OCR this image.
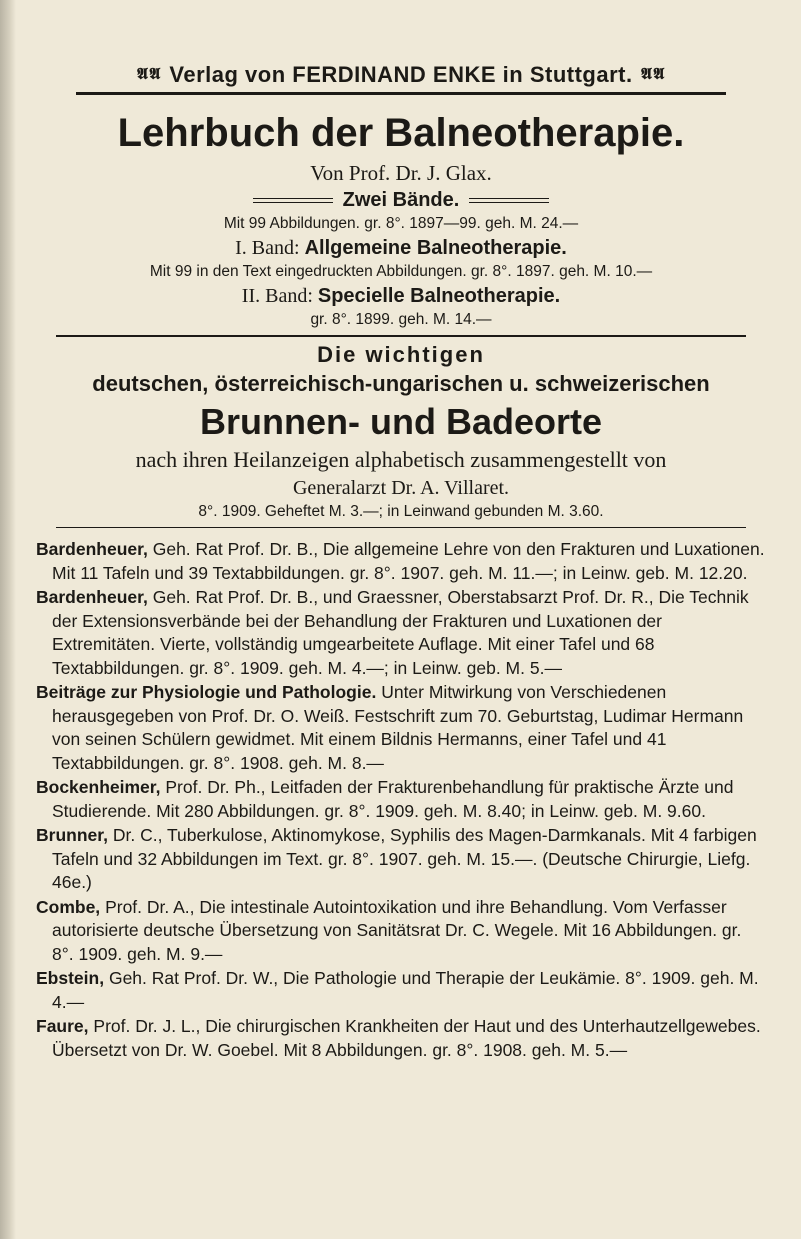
𝕬𝕬 Verlag von FERDINAND ENKE in Stuttgart. 𝕬𝕬
Lehrbuch der Balneotherapie.
Von Prof. Dr. J. Glax.
Zwei Bände.
Mit 99 Abbildungen. gr. 8°. 1897—99. geh. M. 24.—
I. Band: Allgemeine Balneotherapie.
Mit 99 in den Text eingedruckten Abbildungen. gr. 8°. 1897. geh. M. 10.—
II. Band: Specielle Balneotherapie.
gr. 8°. 1899. geh. M. 14.—
Die wichtigen
deutschen, österreichisch-ungarischen u. schweizerischen
Brunnen- und Badeorte
nach ihren Heilanzeigen alphabetisch zusammengestellt von
Generalarzt Dr. A. Villaret.
8°. 1909. Geheftet M. 3.—; in Leinwand gebunden M. 3.60.

Bardenheuer, Geh. Rat Prof. Dr. B., Die allgemeine Lehre von den Frakturen und Luxationen. Mit 11 Tafeln und 39 Textabbildungen. gr. 8°. 1907. geh. M. 11.—; in Leinw. geb. M. 12.20.

Bardenheuer, Geh. Rat Prof. Dr. B., und Graessner, Oberstabsarzt Prof. Dr. R., Die Technik der Extensionsverbände bei der Behandlung der Frakturen und Luxationen der Extremitäten. Vierte, vollständig umgearbeitete Auflage. Mit einer Tafel und 68 Textabbildungen. gr. 8°. 1909. geh. M. 4.—; in Leinw. geb. M. 5.—

Beiträge zur Physiologie und Pathologie. Unter Mitwirkung von Verschiedenen herausgegeben von Prof. Dr. O. Weiß. Festschrift zum 70. Geburtstag, Ludimar Hermann von seinen Schülern gewidmet. Mit einem Bildnis Hermanns, einer Tafel und 41 Textabbildungen. gr. 8°. 1908. geh. M. 8.—

Bockenheimer, Prof. Dr. Ph., Leitfaden der Frakturenbehandlung für praktische Ärzte und Studierende. Mit 280 Abbildungen. gr. 8°. 1909. geh. M. 8.40; in Leinw. geb. M. 9.60.

Brunner, Dr. C., Tuberkulose, Aktinomykose, Syphilis des Magen-Darmkanals. Mit 4 farbigen Tafeln und 32 Abbildungen im Text. gr. 8°. 1907. geh. M. 15.—. (Deutsche Chirurgie, Liefg. 46e.)

Combe, Prof. Dr. A., Die intestinale Autointoxikation und ihre Behandlung. Vom Verfasser autorisierte deutsche Übersetzung von Sanitätsrat Dr. C. Wegele. Mit 16 Abbildungen. gr. 8°. 1909. geh. M. 9.—

Ebstein, Geh. Rat Prof. Dr. W., Die Pathologie und Therapie der Leukämie. 8°. 1909. geh. M. 4.—

Faure, Prof. Dr. J. L., Die chirurgischen Krankheiten der Haut und des Unterhautzellgewebes. Übersetzt von Dr. W. Goebel. Mit 8 Abbildungen. gr. 8°. 1908. geh. M. 5.—
